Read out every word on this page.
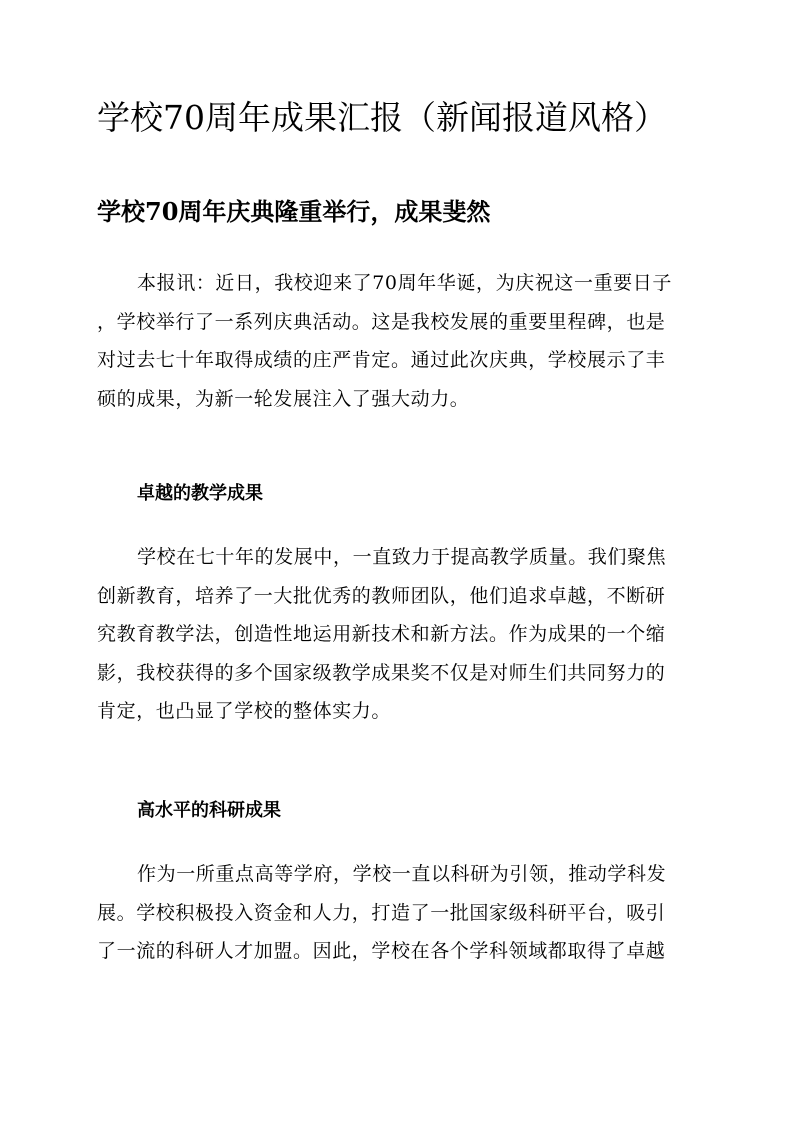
学校70周年成果汇报（新闻报道风格）
学校70周年庆典隆重举行，成果斐然

本报讯：近日，我校迎来了70周年华诞，为庆祝这一重要日子
，学校举行了一系列庆典活动。这是我校发展的重要里程碑，也是
对过去七十年取得成绩的庄严肯定。通过此次庆典，学校展示了丰
硕的成果，为新一轮发展注入了强大动力。

卓越的教学成果

学校在七十年的发展中，一直致力于提高教学质量。我们聚焦
创新教育，培养了一大批优秀的教师团队，他们追求卓越，不断研
究教育教学法，创造性地运用新技术和新方法。作为成果的一个缩
影，我校获得的多个国家级教学成果奖不仅是对师生们共同努力的
肯定，也凸显了学校的整体实力。

高水平的科研成果

作为一所重点高等学府，学校一直以科研为引领，推动学科发
展。学校积极投入资金和人力，打造了一批国家级科研平台，吸引
了一流的科研人才加盟。因此，学校在各个学科领域都取得了卓越
